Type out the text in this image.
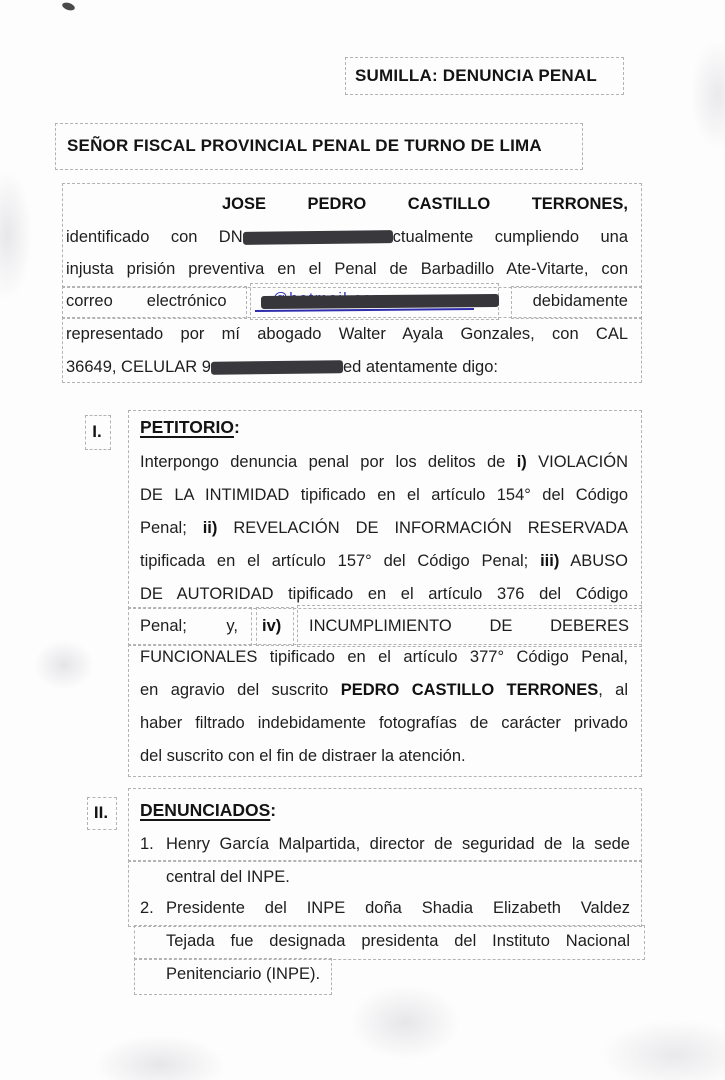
SUMILLA: DENUNCIA PENAL
SEÑOR FISCAL PROVINCIAL PENAL DE TURNO DE LIMA
JOSE PEDRO CASTILLO TERRONES,
identificado con DN	ctualmente cumpliendo una
injusta prisión preventiva en el Penal de Barbadillo Ate-Vitarte, con
correo electrónico	debidamente
representado por mí abogado Walter Ayala Gonzales, con CAL
36649, CELULAR 9	ed atentamente digo:
I. PETITORIO:
Interpongo denuncia penal por los delitos de i) VIOLACIÓN
DE LA INTIMIDAD tipificado en el artículo 154° del Código
Penal; ii) REVELACIÓN DE INFORMACIÓN RESERVADA
tipificada en el artículo 157° del Código Penal; iii) ABUSO
DE AUTORIDAD tipificado en el artículo 376 del Código
Penal; y, iv)	INCUMPLIMIENTO DE DEBERES
FUNCIONALES tipificado en el artículo 377° Código Penal,
en agravio del suscrito PEDRO CASTILLO TERRONES, al
haber filtrado indebidamente fotografías de carácter privado
del suscrito con el fin de distraer la atención.
II. DENUNCIADOS:
1. Henry García Malpartida, director de seguridad de la sede
central del INPE.
2. Presidente del INPE doña Shadia Elizabeth Valdez
Tejada fue designada presidenta del Instituto Nacional
Penitenciario (INPE).
